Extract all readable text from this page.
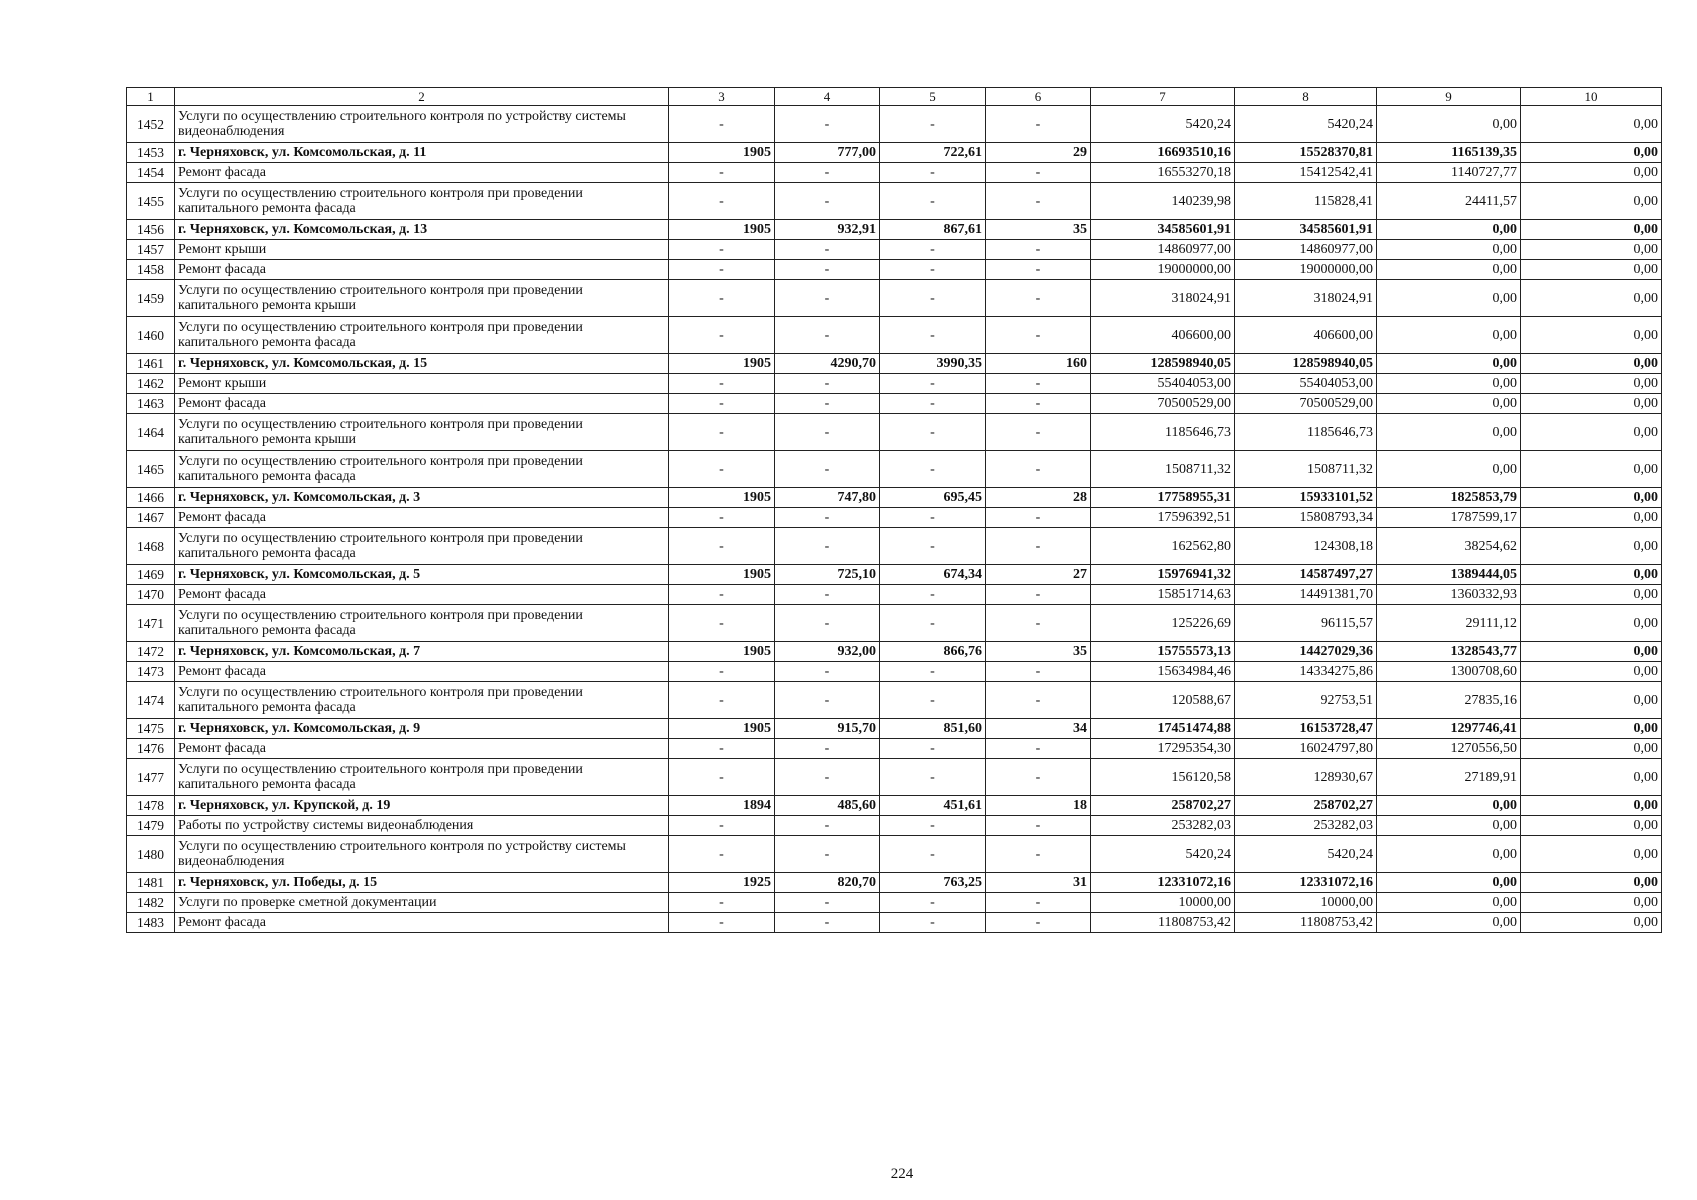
1	2	3	4	5	6	7	8	9	10
1452	Услуги по осуществлению строительного контроля по устройству системы видеонаблюдения	-	-	-	-	5420,24	5420,24	0,00	0,00
1453	г. Черняховск, ул. Комсомольская, д. 11	1905	777,00	722,61	29	16693510,16	15528370,81	1165139,35	0,00
1454	Ремонт фасада	-	-	-	-	16553270,18	15412542,41	1140727,77	0,00
1455	Услуги по осуществлению строительного контроля при проведении капитального ремонта фасада	-	-	-	-	140239,98	115828,41	24411,57	0,00
1456	г. Черняховск, ул. Комсомольская, д. 13	1905	932,91	867,61	35	34585601,91	34585601,91	0,00	0,00
1457	Ремонт крыши	-	-	-	-	14860977,00	14860977,00	0,00	0,00
1458	Ремонт фасада	-	-	-	-	19000000,00	19000000,00	0,00	0,00
1459	Услуги по осуществлению строительного контроля при проведении капитального ремонта крыши	-	-	-	-	318024,91	318024,91	0,00	0,00
1460	Услуги по осуществлению строительного контроля при проведении капитального ремонта фасада	-	-	-	-	406600,00	406600,00	0,00	0,00
1461	г. Черняховск, ул. Комсомольская, д. 15	1905	4290,70	3990,35	160	128598940,05	128598940,05	0,00	0,00
1462	Ремонт крыши	-	-	-	-	55404053,00	55404053,00	0,00	0,00
1463	Ремонт фасада	-	-	-	-	70500529,00	70500529,00	0,00	0,00
1464	Услуги по осуществлению строительного контроля при проведении капитального ремонта крыши	-	-	-	-	1185646,73	1185646,73	0,00	0,00
1465	Услуги по осуществлению строительного контроля при проведении капитального ремонта фасада	-	-	-	-	1508711,32	1508711,32	0,00	0,00
1466	г. Черняховск, ул. Комсомольская, д. 3	1905	747,80	695,45	28	17758955,31	15933101,52	1825853,79	0,00
1467	Ремонт фасада	-	-	-	-	17596392,51	15808793,34	1787599,17	0,00
1468	Услуги по осуществлению строительного контроля при проведении капитального ремонта фасада	-	-	-	-	162562,80	124308,18	38254,62	0,00
1469	г. Черняховск, ул. Комсомольская, д. 5	1905	725,10	674,34	27	15976941,32	14587497,27	1389444,05	0,00
1470	Ремонт фасада	-	-	-	-	15851714,63	14491381,70	1360332,93	0,00
1471	Услуги по осуществлению строительного контроля при проведении капитального ремонта фасада	-	-	-	-	125226,69	96115,57	29111,12	0,00
1472	г. Черняховск, ул. Комсомольская, д. 7	1905	932,00	866,76	35	15755573,13	14427029,36	1328543,77	0,00
1473	Ремонт фасада	-	-	-	-	15634984,46	14334275,86	1300708,60	0,00
1474	Услуги по осуществлению строительного контроля при проведении капитального ремонта фасада	-	-	-	-	120588,67	92753,51	27835,16	0,00
1475	г. Черняховск, ул. Комсомольская, д. 9	1905	915,70	851,60	34	17451474,88	16153728,47	1297746,41	0,00
1476	Ремонт фасада	-	-	-	-	17295354,30	16024797,80	1270556,50	0,00
1477	Услуги по осуществлению строительного контроля при проведении капитального ремонта фасада	-	-	-	-	156120,58	128930,67	27189,91	0,00
1478	г. Черняховск, ул. Крупской, д. 19	1894	485,60	451,61	18	258702,27	258702,27	0,00	0,00
1479	Работы по устройству системы видеонаблюдения	-	-	-	-	253282,03	253282,03	0,00	0,00
1480	Услуги по осуществлению строительного контроля по устройству системы видеонаблюдения	-	-	-	-	5420,24	5420,24	0,00	0,00
1481	г. Черняховск, ул. Победы, д. 15	1925	820,70	763,25	31	12331072,16	12331072,16	0,00	0,00
1482	Услуги по проверке сметной документации	-	-	-	-	10000,00	10000,00	0,00	0,00
1483	Ремонт фасада	-	-	-	-	11808753,42	11808753,42	0,00	0,00
224
